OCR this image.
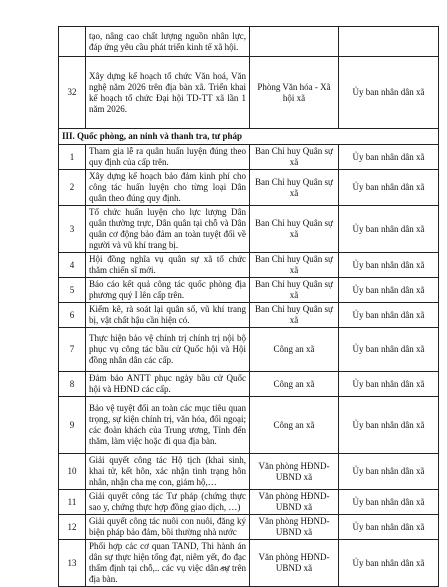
	tạo, nâng cao chất lượng nguồn nhân lực, đáp ứng yêu cầu phát triển kinh tế xã hội.		
32	Xây dựng kế hoạch tổ chức Văn hoá, Văn nghệ năm 2026 trên địa bàn xã. Triển khai kế hoạch tổ chức Đại hội TD-TT xã lần 1 năm 2026.	Phòng Văn hóa - Xã hội xã	Ủy ban nhân dân xã
III. Quốc phòng, an ninh và thanh tra, tư pháp			
1	Tham gia lễ ra quân huấn luyện đúng theo quy định của cấp trên.	Ban Chỉ huy Quân sự xã	Ủy ban nhân dân xã
2	Xây dựng kế hoạch bảo đảm kinh phí cho công tác huấn luyện cho từng loại Dân quân theo đúng quy định.	Ban Chỉ huy Quân sự xã	Ủy ban nhân dân xã
3	Tổ chức huấn luyện cho lực lượng Dân quân thường trực, Dân quân tại chỗ và Dân quân cơ động bảo đảm an toàn tuyệt đối về người và vũ khí trang bị.	Ban Chỉ huy Quân sự xã	Ủy ban nhân dân xã
4	Hội đồng nghĩa vụ quân sự xã tổ chức thăm chiến sĩ mới.	Ban Chỉ huy Quân sự xã	Ủy ban nhân dân xã
5	Báo cáo kết quả công tác quốc phòng địa phương quý I lên cấp trên.	Ban Chỉ huy Quân sự xã	Ủy ban nhân dân xã
6	Kiểm kê, rà soát lại quân số, vũ khí trang bị, vật chất hậu cần hiện có.	Ban Chỉ huy Quân sự xã	Ủy ban nhân dân xã
7	Thực hiện bảo vệ chính trị chính trị nội bộ phục vụ công tác bầu cử Quốc hội và Hội đồng nhân dân các cấp.	Công an xã	Ủy ban nhân dân xã
8	Đảm bảo ANTT phục ngày bầu cử Quốc hội và HĐND các cấp.	Công an xã	Ủy ban nhân dân xã
9	Bảo vệ tuyệt đối an toàn các mục tiêu quan trọng, sự kiện chính trị, văn hóa, đối ngoại; các đoàn khách của Trung ương, Tỉnh đến thăm, làm việc hoặc đi qua địa bàn.	Công an xã	Ủy ban nhân dân xã
10	Giải quyết công tác Hộ tịch (khai sinh, khai tử, kết hôn, xác nhận tình trạng hôn nhân, nhận cha mẹ con, giám hộ,…	Văn phòng HĐND-UBND xã	Ủy ban nhân dân xã
11	Giải quyết công tác Tư pháp (chứng thực sao y, chứng thực hợp đồng giao dịch, …)	Văn phòng HĐND-UBND xã	Ủy ban nhân dân xã
12	Giải quyết công tác nuôi con nuôi, đăng ký biện pháp bảo đảm, bồi thường nhà nước	Văn phòng HĐND-UBND xã	Ủy ban nhân dân xã
13	Phối hợp các cơ quan TAND, Thi hành án dân sự thực hiện tống đạt, niêm yết, đo đạc thẩm định tại chỗ,.. các vụ việc dân sự trên địa bàn.	Văn phòng HĐND-UBND xã	Ủy ban nhân dân xã
